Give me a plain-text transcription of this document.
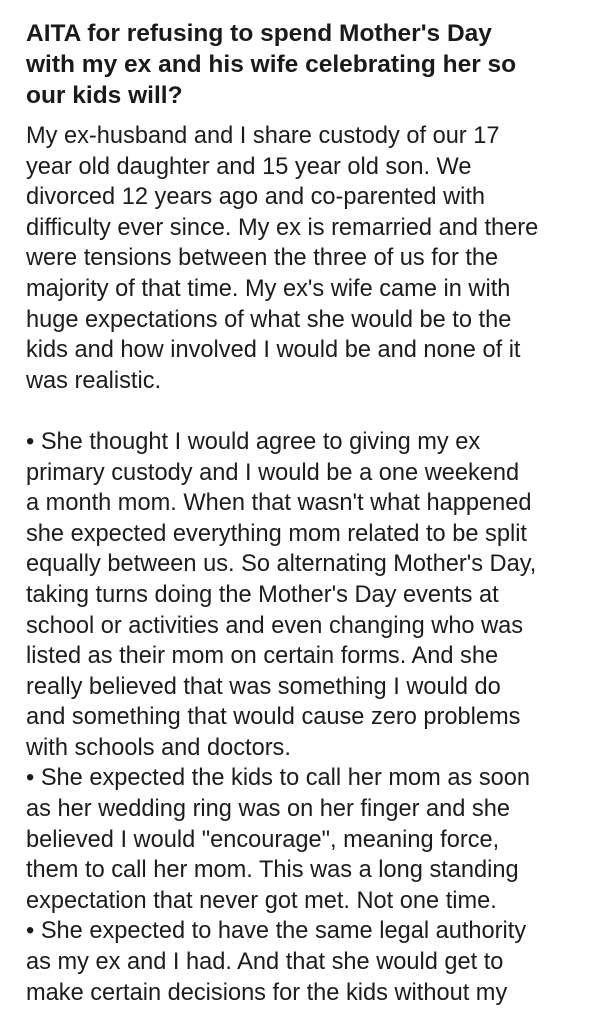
AITA for refusing to spend Mother's Day
with my ex and his wife celebrating her so
our kids will?

My ex-husband and I share custody of our 17
year old daughter and 15 year old son. We
divorced 12 years ago and co-parented with
difficulty ever since. My ex is remarried and there
were tensions between the three of us for the
majority of that time. My ex's wife came in with
huge expectations of what she would be to the
kids and how involved I would be and none of it
was realistic.

• She thought I would agree to giving my ex
primary custody and I would be a one weekend
a month mom. When that wasn't what happened
she expected everything mom related to be split
equally between us. So alternating Mother's Day,
taking turns doing the Mother's Day events at
school or activities and even changing who was
listed as their mom on certain forms. And she
really believed that was something I would do
and something that would cause zero problems
with schools and doctors.

• She expected the kids to call her mom as soon
as her wedding ring was on her finger and she
believed I would "encourage", meaning force,
them to call her mom. This was a long standing
expectation that never got met. Not one time.

• She expected to have the same legal authority
as my ex and I had. And that she would get to
make certain decisions for the kids without my
